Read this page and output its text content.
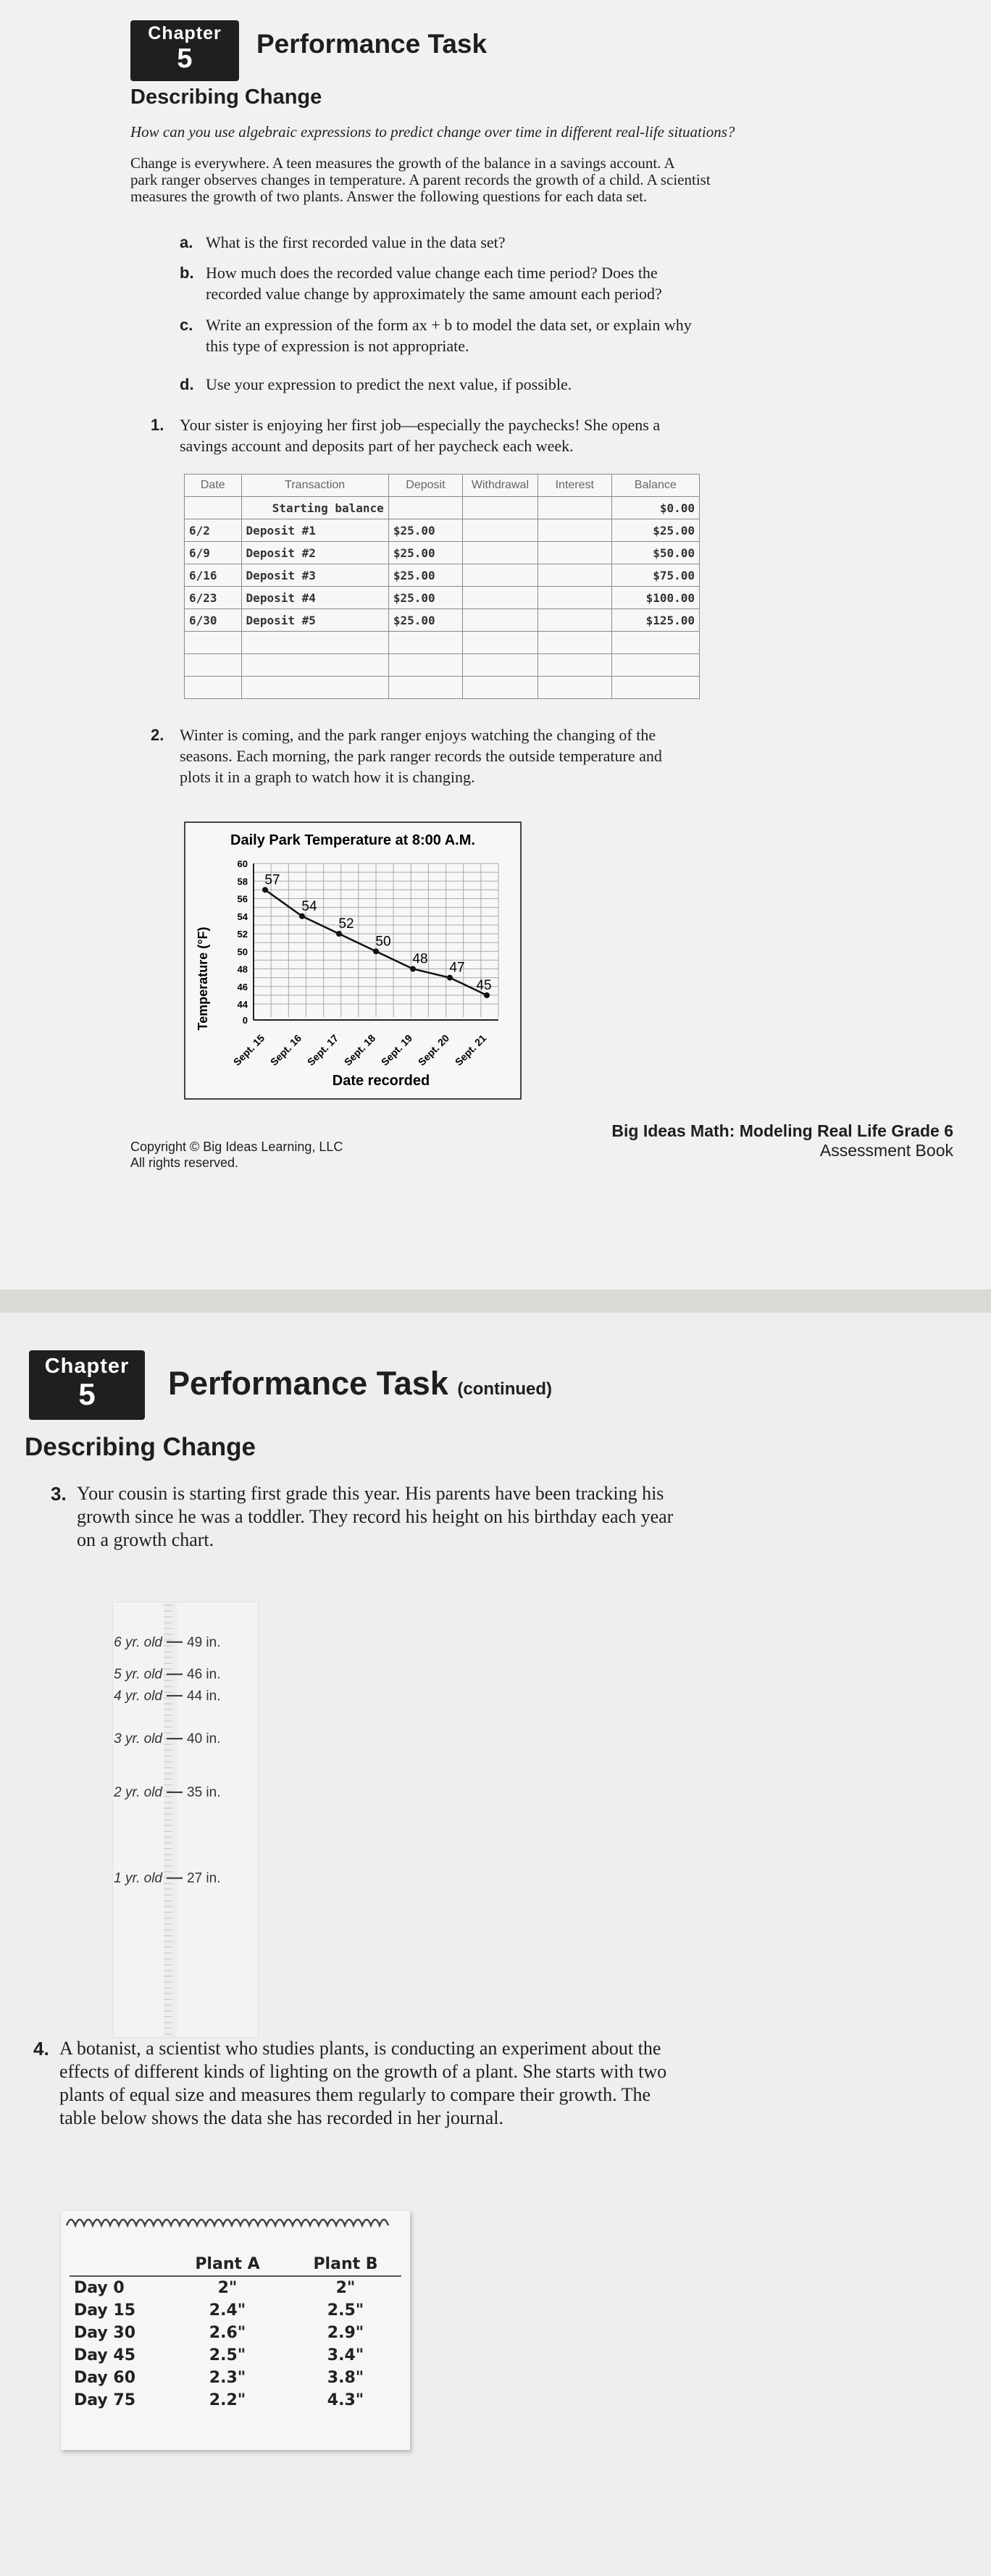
Chapter
5	Performance Task
Describing Change

How can you use algebraic expressions to predict change over time in different real-life situations?

Change is everywhere. A teen measures the growth of the balance in a savings account. A
park ranger observes changes in temperature. A parent records the growth of a child. A scientist
measures the growth of two plants. Answer the following questions for each data set.
a. What is the first recorded value in the data set?
b. How much does the recorded value change each time period? Does the
recorded value change by approximately the same amount each period?
c. Write an expression of the form ax + b to model the data set, or explain why
this type of expression is not appropriate.
d. Use your expression to predict the next value, if possible.
1. Your sister is enjoying her first job—especially the paychecks! She opens a
savings account and deposits part of her paycheck each week.
Date	Transaction	Deposit	Withdrawal	Interest	Balance
	Starting balance				$0.00
6/2	Deposit #1	$25.00			$25.00
6/9	Deposit #2	$25.00			$50.00
6/16	Deposit #3	$25.00			$75.00
6/23	Deposit #4	$25.00			$100.00
6/30	Deposit #5	$25.00			$125.00

2. Winter is coming, and the park ranger enjoys watching the changing of the
seasons. Each morning, the park ranger records the outside temperature and
plots it in a graph to watch how it is changing.
Daily Park Temperature at 8:00 A.M.
Temperature (°F)
Date recorded
0
44
46
48
50
52
54
56
58
60
Sept. 15 Sept. 16 Sept. 17 Sept. 18 Sept. 19 Sept. 20 Sept. 21
57
54
52
50
48
47
45
Copyright © Big Ideas Learning, LLC
All rights reserved.
Big Ideas Math: Modeling Real Life Grade 6
Assessment Book
Chapter
5	Performance Task (continued)
Describing Change
3. Your cousin is starting first grade this year. His parents have been tracking his
growth since he was a toddler. They record his height on his birthday each year
on a growth chart.
1 yr. old 27 in.
2 yr. old 35 in.
3 yr. old 40 in.
4 yr. old 44 in.
5 yr. old 46 in.
6 yr. old 49 in.
4. A botanist, a scientist who studies plants, is conducting an experiment about the
effects of different kinds of lighting on the growth of a plant. She starts with two
plants of equal size and measures them regularly to compare their growth. The
table below shows the data she has recorded in her journal.
	Plant A	Plant B
Day 0	2"	2"
Day 15	2.4"	2.5"
Day 30	2.6"	2.9"
Day 45	2.5"	3.4"
Day 60	2.3"	3.8"
Day 75	2.2"	4.3"
